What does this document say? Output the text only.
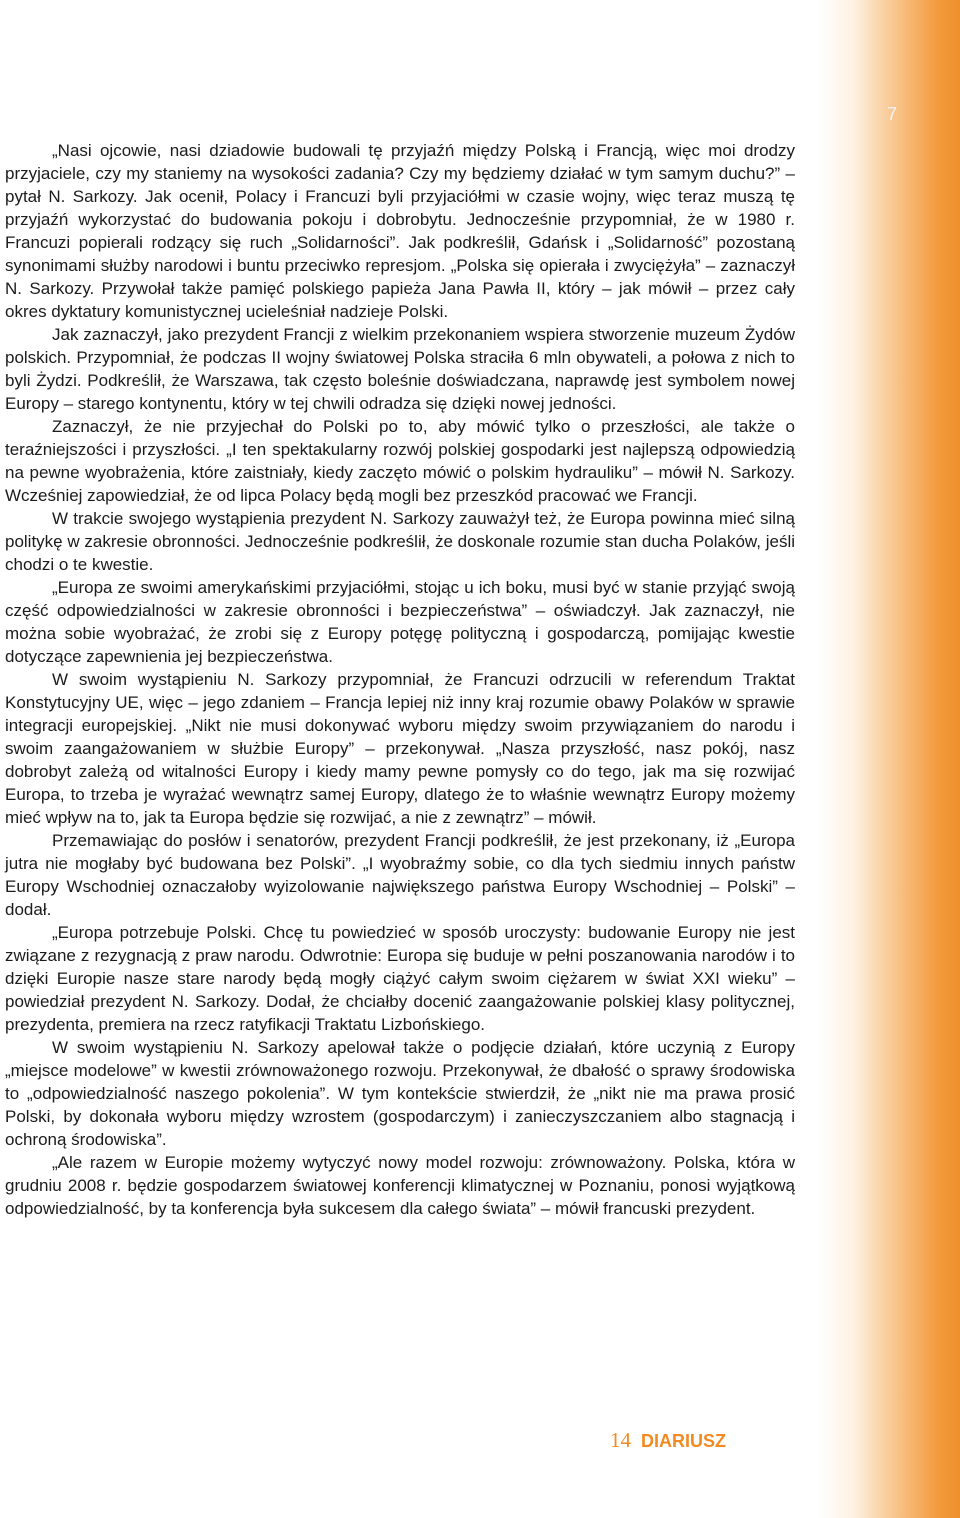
7

„Nasi ojcowie, nasi dziadowie budowali tę przyjaźń między Polską i Francją, więc moi drodzy przyjaciele, czy my staniemy na wysokości zadania? Czy my będziemy działać w tym samym duchu?” – pytał N. Sarkozy. Jak ocenił, Polacy i Francuzi byli przyjaciółmi w czasie wojny, więc teraz muszą tę przyjaźń wykorzystać do budowania pokoju i dobrobytu. Jednocześnie przypomniał, że w 1980 r. Francuzi popierali rodzący się ruch „Solidarności”. Jak podkreślił, Gdańsk i „Solidarność” pozostaną synonimami służby narodowi i buntu przeciwko represjom. „Polska się opierała i zwyciężyła” – zaznaczył N. Sarkozy. Przywołał także pamięć polskiego papieża Jana Pawła II, który – jak mówił – przez cały okres dyktatury komunistycznej ucieleśniał nadzieje Polski.

Jak zaznaczył, jako prezydent Francji z wielkim przekonaniem wspiera stworzenie muzeum Żydów polskich. Przypomniał, że podczas II wojny światowej Polska straciła 6 mln obywateli, a połowa z nich to byli Żydzi. Podkreślił, że Warszawa, tak często boleśnie doświadczana, naprawdę jest symbolem nowej Europy – starego kontynentu, który w tej chwili odradza się dzięki nowej jedności.

Zaznaczył, że nie przyjechał do Polski po to, aby mówić tylko o przeszłości, ale także o teraźniejszości i przyszłości. „I ten spektakularny rozwój polskiej gospodarki jest najlepszą odpowiedzią na pewne wyobrażenia, które zaistniały, kiedy zaczęto mówić o polskim hydrauliku” – mówił N. Sarkozy. Wcześniej zapowiedział, że od lipca Polacy będą mogli bez przeszkód pracować we Francji.

W trakcie swojego wystąpienia prezydent N. Sarkozy zauważył też, że Europa powinna mieć silną politykę w zakresie obronności. Jednocześnie podkreślił, że doskonale rozumie stan ducha Polaków, jeśli chodzi o te kwestie.

„Europa ze swoimi amerykańskimi przyjaciółmi, stojąc u ich boku, musi być w stanie przyjąć swoją część odpowiedzialności w zakresie obronności i bezpieczeństwa” – oświadczył. Jak zaznaczył, nie można sobie wyobrażać, że zrobi się z Europy potęgę polityczną i gospodarczą, pomijając kwestie dotyczące zapewnienia jej bezpieczeństwa.

W swoim wystąpieniu N. Sarkozy przypomniał, że Francuzi odrzucili w referendum Traktat Konstytucyjny UE, więc – jego zdaniem – Francja lepiej niż inny kraj rozumie obawy Polaków w sprawie integracji europejskiej. „Nikt nie musi dokonywać wyboru między swoim przywiązaniem do narodu i swoim zaangażowaniem w służbie Europy” – przekonywał. „Nasza przyszłość, nasz pokój, nasz dobrobyt zależą od witalności Europy i kiedy mamy pewne pomysły co do tego, jak ma się rozwijać Europa, to trzeba je wyrażać wewnątrz samej Europy, dlatego że to właśnie wewnątrz Europy możemy mieć wpływ na to, jak ta Europa będzie się rozwijać, a nie z zewnątrz” – mówił.

Przemawiając do posłów i senatorów, prezydent Francji podkreślił, że jest przekonany, iż „Europa jutra nie mogłaby być budowana bez Polski”. „I wyobraźmy sobie, co dla tych siedmiu innych państw Europy Wschodniej oznaczałoby wyizolowanie największego państwa Europy Wschodniej – Polski” – dodał.

„Europa potrzebuje Polski. Chcę tu powiedzieć w sposób uroczysty: budowanie Europy nie jest związane z rezygnacją z praw narodu. Odwrotnie: Europa się buduje w pełni poszanowania narodów i to dzięki Europie nasze stare narody będą mogły ciążyć całym swoim ciężarem w świat XXI wieku” – powiedział prezydent N. Sarkozy. Dodał, że chciałby docenić zaangażowanie polskiej klasy politycznej, prezydenta, premiera na rzecz ratyfikacji Traktatu Lizbońskiego.

W swoim wystąpieniu N. Sarkozy apelował także o podjęcie działań, które uczynią z Europy „miejsce modelowe” w kwestii zrównoważonego rozwoju. Przekonywał, że dbałość o sprawy środowiska to „odpowiedzialność naszego pokolenia”. W tym kontekście stwierdził, że „nikt nie ma prawa prosić Polski, by dokonała wyboru między wzrostem (gospodarczym) i zanieczyszczaniem albo stagnacją i ochroną środowiska”.

„Ale razem w Europie możemy wytyczyć nowy model rozwoju: zrównoważony. Polska, która w grudniu 2008 r. będzie gospodarzem światowej konferencji klimatycznej w Poznaniu, ponosi wyjątkową odpowiedzialność, by ta konferencja była sukcesem dla całego świata” – mówił francuski prezydent.

14 DIARIUSZ SENATU
